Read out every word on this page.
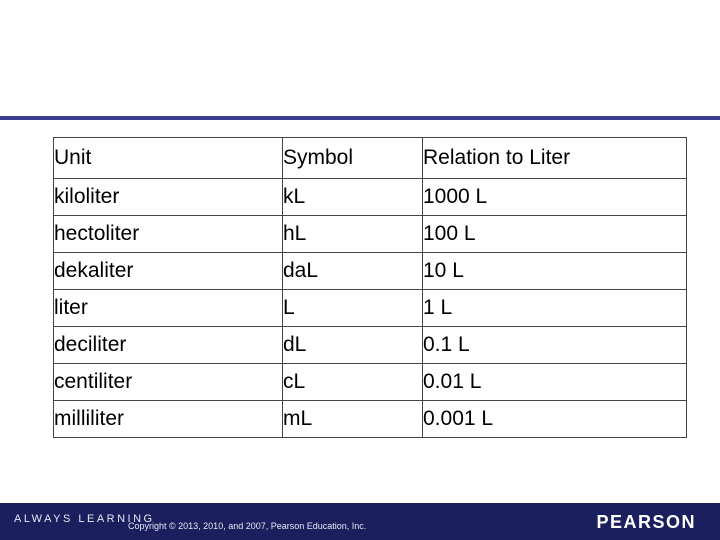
Unit	Symbol	Relation to Liter
kiloliter	kL	1000 L
hectoliter	hL	100 L
dekaliter	daL	10 L
liter	L	1 L
deciliter	dL	0.1 L
centiliter	cL	0.01 L
milliliter	mL	0.001 L
ALWAYS LEARNING
Copyright © 2013, 2010, and 2007, Pearson Education, Inc.	PEARSON
